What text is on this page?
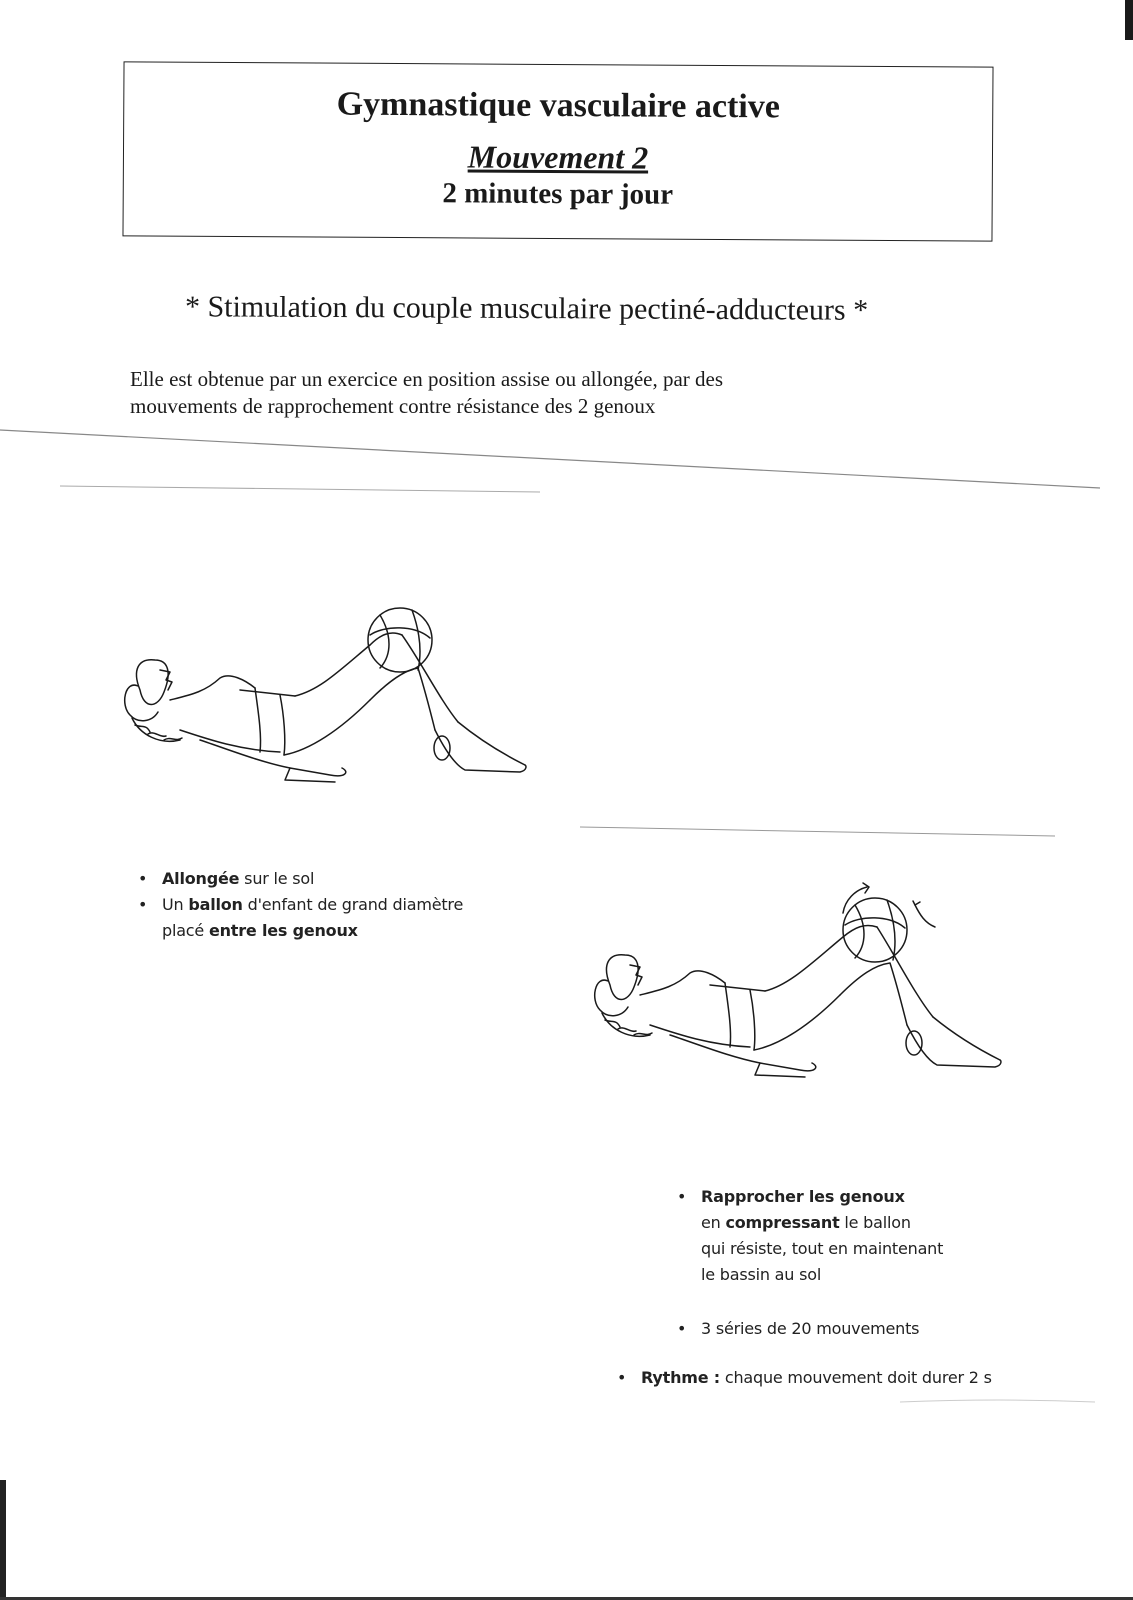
Gymnastique vasculaire active
Mouvement 2
2 minutes par jour
* Stimulation du couple musculaire pectiné-adducteurs *
Elle est obtenue par un exercice en position assise ou allongée, par des
mouvements de rapprochement contre résistance des 2 genoux
• Allongée sur le sol
• Un ballon d'enfant de grand diamètre
placé entre les genoux
• Rapprocher les genoux
en compressant le ballon
qui résiste, tout en maintenant
le bassin au sol
• 3 séries de 20 mouvements
• Rythme : chaque mouvement doit durer 2 s
